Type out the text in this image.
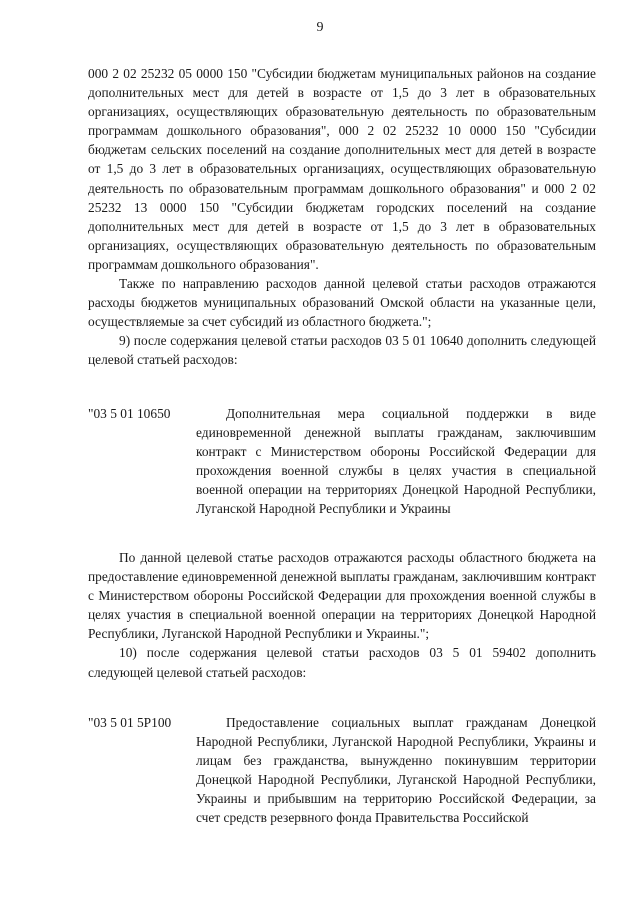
9

000 2 02 25232 05 0000 150 "Субсидии бюджетам муниципальных районов на создание дополнительных мест для детей в возрасте от 1,5 до 3 лет в образовательных организациях, осуществляющих образовательную деятельность по образовательным программам дошкольного образования", 000 2 02 25232 10 0000 150 "Субсидии бюджетам сельских поселений на создание дополнительных мест для детей в возрасте от 1,5 до 3 лет в образовательных организациях, осуществляющих образовательную деятельность по образовательным программам дошкольного образования" и 000 2 02 25232 13 0000 150 "Субсидии бюджетам городских поселений на создание дополнительных мест для детей в возрасте от 1,5 до 3 лет в образовательных организациях, осуществляющих образовательную деятельность по образовательным программам дошкольного образования".

Также по направлению расходов данной целевой статьи расходов отражаются расходы бюджетов муниципальных образований Омской области на указанные цели, осуществляемые за счет субсидий из областного бюджета.";

9) после содержания целевой статьи расходов 03 5 01 10640 дополнить следующей целевой статьей расходов:

"03 5 01 10650	Дополнительная мера социальной поддержки в виде единовременной денежной выплаты гражданам, заключившим контракт с Министерством обороны Российской Федерации для прохождения военной службы в целях участия в специальной военной операции на территориях Донецкой Народной Республики, Луганской Народной Республики и Украины

По данной целевой статье расходов отражаются расходы областного бюджета на предоставление единовременной денежной выплаты гражданам, заключившим контракт с Министерством обороны Российской Федерации для прохождения военной службы в целях участия в специальной военной операции на территориях Донецкой Народной Республики, Луганской Народной Республики и Украины.";

10) после содержания целевой статьи расходов 03 5 01 59402 дополнить следующей целевой статьей расходов:

"03 5 01 5Р100	Предоставление социальных выплат гражданам Донецкой Народной Республики, Луганской Народной Республики, Украины и лицам без гражданства, вынужденно покинувшим территории Донецкой Народной Республики, Луганской Народной Республики, Украины и прибывшим на территорию Российской Федерации, за счет средств резервного фонда Правительства Российской
